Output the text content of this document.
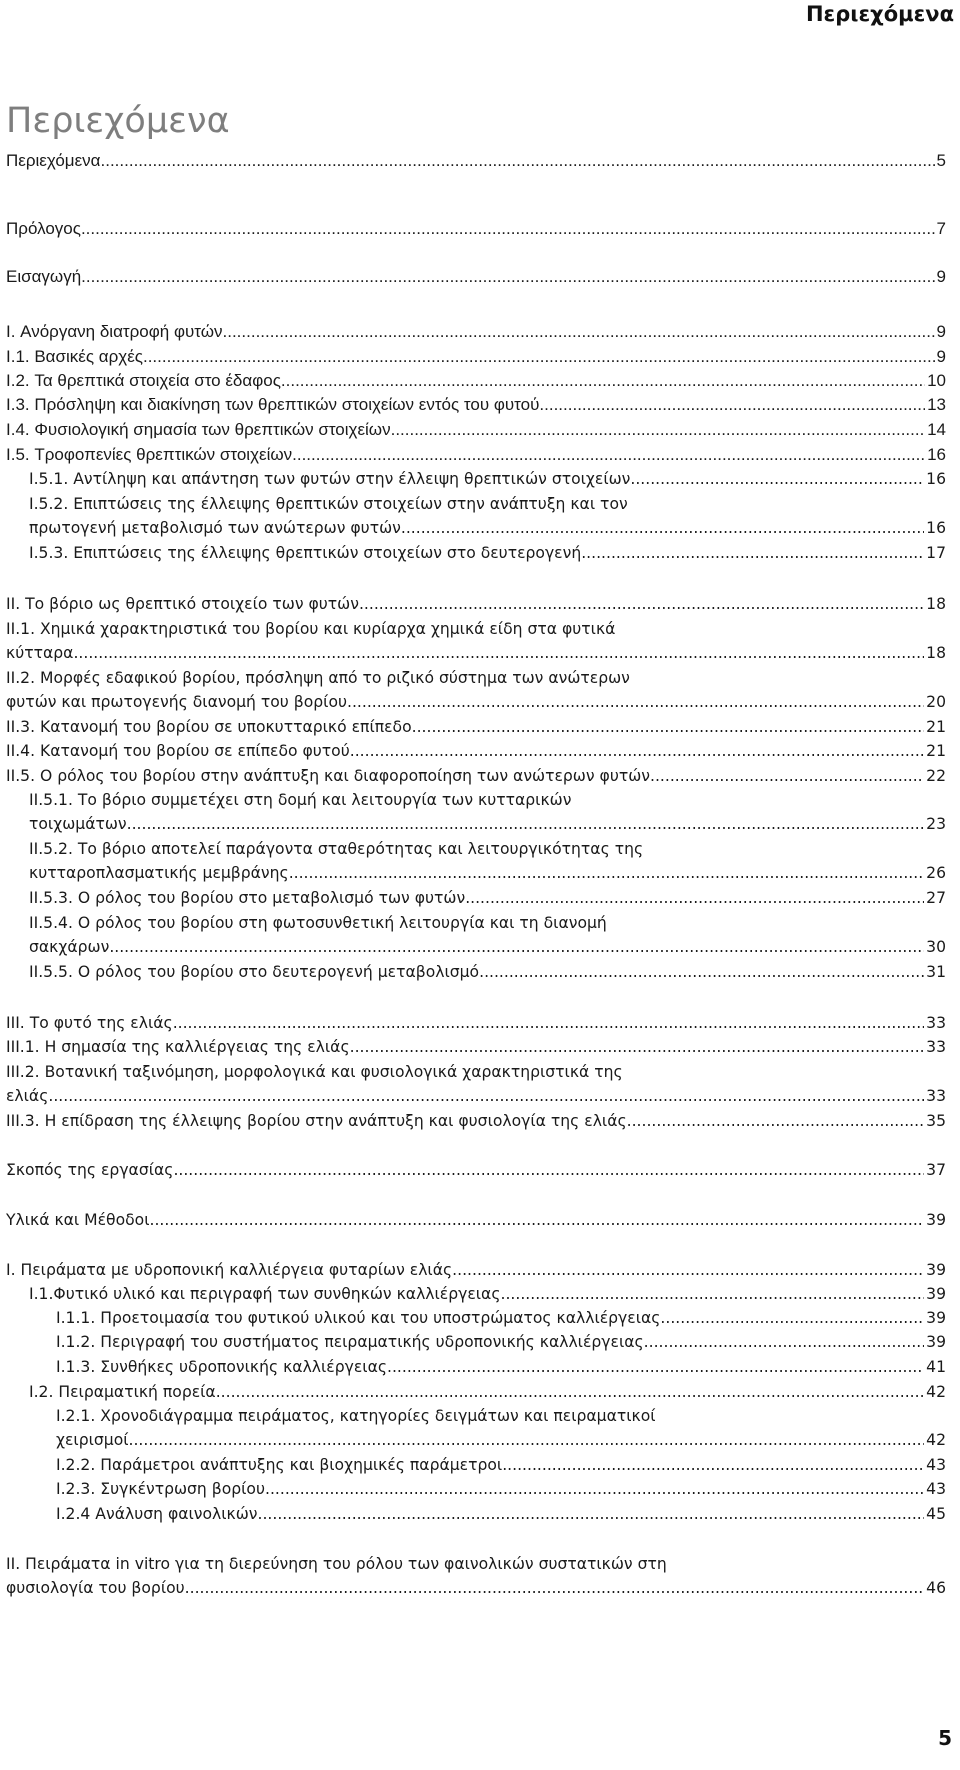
Περιεχόμενα
Περιεχόμενα
Περιεχόμενα .....	5
Πρόλογος .....	7
Εισαγωγή .....	9
I. Ανόργανη διατροφή φυτών .....	9
I.1. Βασικές αρχές .....	9
I.2. Τα θρεπτικά στοιχεία στο έδαφος .....	10
I.3. Πρόσληψη και διακίνηση των θρεπτικών στοιχείων εντός του φυτού .....	13
I.4. Φυσιολογική σημασία των θρεπτικών στοιχείων .....	14
I.5. Τροφοπενίες θρεπτικών στοιχείων .....	16
I.5.1. Αντίληψη και απάντηση των φυτών στην έλλειψη θρεπτικών στοιχείων .....	16
I.5.2. Επιπτώσεις της έλλειψης θρεπτικών στοιχείων στην ανάπτυξη και τον
πρωτογενή μεταβολισμό των ανώτερων φυτών .....	16
I.5.3. Επιπτώσεις της έλλειψης θρεπτικών στοιχείων στο δευτερογενή .....	17
II. Το βόριο ως θρεπτικό στοιχείο των φυτών .....	18
II.1. Χημικά χαρακτηριστικά του βορίου και κυρίαρχα χημικά είδη στα φυτικά
κύτταρα .....	18
II.2. Μορφές εδαφικού βορίου, πρόσληψη από το ριζικό σύστημα των ανώτερων
φυτών και πρωτογενής διανομή του βορίου .....	20
II.3. Κατανομή του βορίου σε υποκυτταρικό επίπεδο .....	21
II.4. Κατανομή του βορίου σε επίπεδο φυτού .....	21
II.5. Ο ρόλος του βορίου στην ανάπτυξη και διαφοροποίηση των ανώτερων φυτών .....	22
II.5.1. Το βόριο συμμετέχει στη δομή και λειτουργία των κυτταρικών
τοιχωμάτων .....	23
II.5.2. Το βόριο αποτελεί παράγοντα σταθερότητας και λειτουργικότητας της
κυτταροπλασματικής μεμβράνης .....	26
II.5.3. Ο ρόλος του βορίου στο μεταβολισμό των φυτών .....	27
II.5.4. Ο ρόλος του βορίου στη φωτοσυνθετική λειτουργία και τη διανομή
σακχάρων .....	30
II.5.5. Ο ρόλος του βορίου στο δευτερογενή μεταβολισμό .....	31
III. Το φυτό της ελιάς .....	33
III.1. Η σημασία της καλλιέργειας της ελιάς .....	33
III.2. Βοτανική ταξινόμηση, μορφολογικά και φυσιολογικά χαρακτηριστικά της
ελιάς .....	33
III.3. Η επίδραση της έλλειψης βορίου στην ανάπτυξη και φυσιολογία της ελιάς .....	35
Σκοπός της εργασίας .....	37
Υλικά και Μέθοδοι .....	39
I. Πειράματα με υδροπονική καλλιέργεια φυταρίων ελιάς .....	39
I.1.Φυτικό υλικό και περιγραφή των συνθηκών καλλιέργειας .....	39
I.1.1. Προετοιμασία του φυτικού υλικού και του υποστρώματος καλλιέργειας .....	39
I.1.2. Περιγραφή του συστήματος πειραματικής υδροπονικής καλλιέργειας .....	39
I.1.3. Συνθήκες υδροπονικής καλλιέργειας .....	41
I.2. Πειραματική πορεία .....	42
I.2.1. Χρονοδιάγραμμα πειράματος, κατηγορίες δειγμάτων και πειραματικοί
χειρισμοί .....	42
I.2.2. Παράμετροι ανάπτυξης και βιοχημικές παράμετροι .....	43
I.2.3. Συγκέντρωση βορίου .....	43
I.2.4 Ανάλυση φαινολικών .....	45
II. Πειράματα in vitro για τη διερεύνηση του ρόλου των φαινολικών συστατικών στη
φυσιολογία του βορίου .....	46
5
